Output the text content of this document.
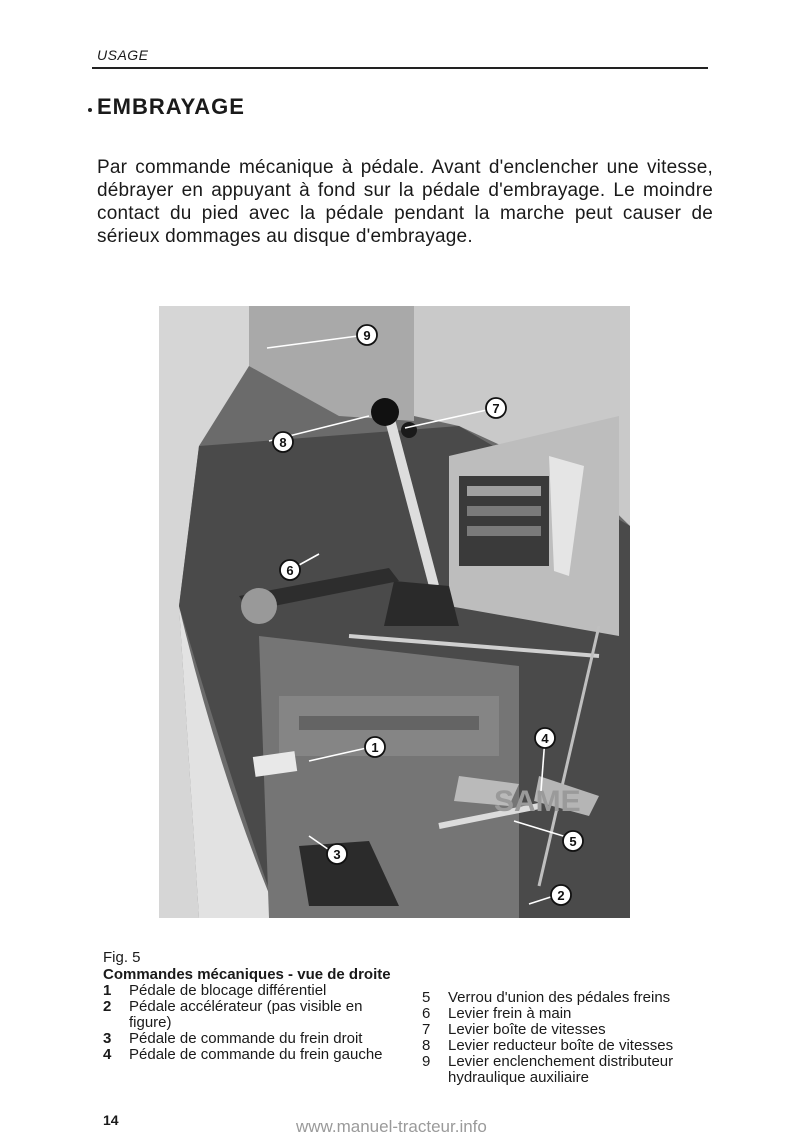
USAGE
EMBRAYAGE
Par commande mécanique à pédale. Avant d'enclencher une vitesse, débrayer en appuyant à fond sur la pédale d'embrayage. Le moindre contact du pied avec la pédale pendant la marche peut causer de sérieux dommages au disque d'embrayage.
SAME
9
7
8
6
1
4
5
3
2
Fig. 5
Commandes mécaniques - vue de droite
1	Pédale de blocage différentiel
2	Pédale accélérateur (pas visible en figure)
3	Pédale de commande du frein droit
4	Pédale de commande du frein gauche
5	Verrou d'union des pédales freins
6	Levier frein à main
7	Levier boîte de vitesses
8	Levier reducteur boîte de vitesses
9	Levier enclenchement distributeur hydraulique auxiliaire
14	www.manuel-tracteur.info
